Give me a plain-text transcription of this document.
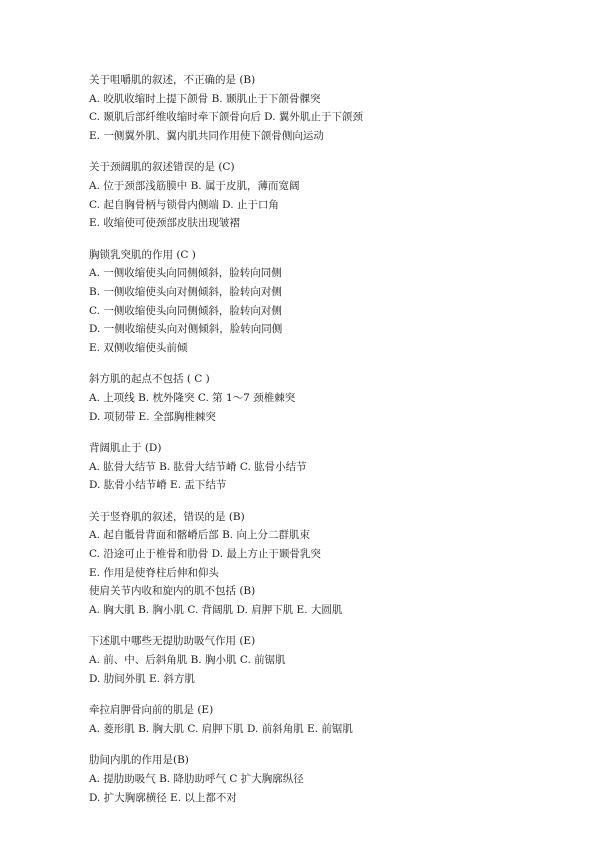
关于咀嚼肌的叙述，不正确的是 (B)
A. 咬肌收缩时上提下颌骨 B. 颞肌止于下颌骨髁突
C. 颞肌后部纤维收缩时牵下颌骨向后 D. 翼外肌止于下颌颈
E. 一侧翼外肌、翼内肌共同作用使下颌骨侧向运动
关于颈阔肌的叙述错误的是 (C)
A. 位于颈部浅筋膜中 B. 属于皮肌，薄而宽阔
C. 起自胸骨柄与锁骨内侧端 D. 止于口角
E. 收缩使可使颈部皮肤出现皱褶
胸锁乳突肌的作用 (C )
A. 一侧收缩使头向同侧倾斜，脸转向同侧
B. 一侧收缩使头向对侧倾斜，脸转向对侧
C. 一侧收缩使头向同侧倾斜，脸转向对侧
D. 一侧收缩使头向对侧倾斜，脸转向同侧
E. 双侧收缩使头前倾
斜方肌的起点不包括 ( C )
A. 上项线 B. 枕外隆突 C. 第 1～7 颈椎棘突
D. 项韧带 E. 全部胸椎棘突
背阔肌止于 (D)
A. 肱骨大结节 B. 肱骨大结节嵴 C. 肱骨小结节
D. 肱骨小结节嵴 E. 盂下结节
关于竖脊肌的叙述，错误的是 (B)
A. 起自骶骨背面和髂嵴后部 B. 向上分二群肌束
C. 沿途可止于椎骨和肋骨 D. 最上方止于颞骨乳突
E. 作用是使脊柱后伸和仰头
使肩关节内收和旋内的肌不包括 (B)
A. 胸大肌 B. 胸小肌 C. 背阔肌 D. 肩胛下肌 E. 大圆肌
下述肌中哪些无提肋助吸气作用 (E)
A. 前、中、后斜角肌 B. 胸小肌 C. 前锯肌
D. 肋间外肌 E. 斜方肌
牵拉肩胛骨向前的肌是 (E)
A. 菱形肌 B. 胸大肌 C. 肩胛下肌 D. 前斜角肌 E. 前锯肌
肋间内肌的作用是(B)
A. 提肋助吸气 B. 降肋助呼气 C 扩大胸廓纵径
D. 扩大胸廓横径 E. 以上都不对
